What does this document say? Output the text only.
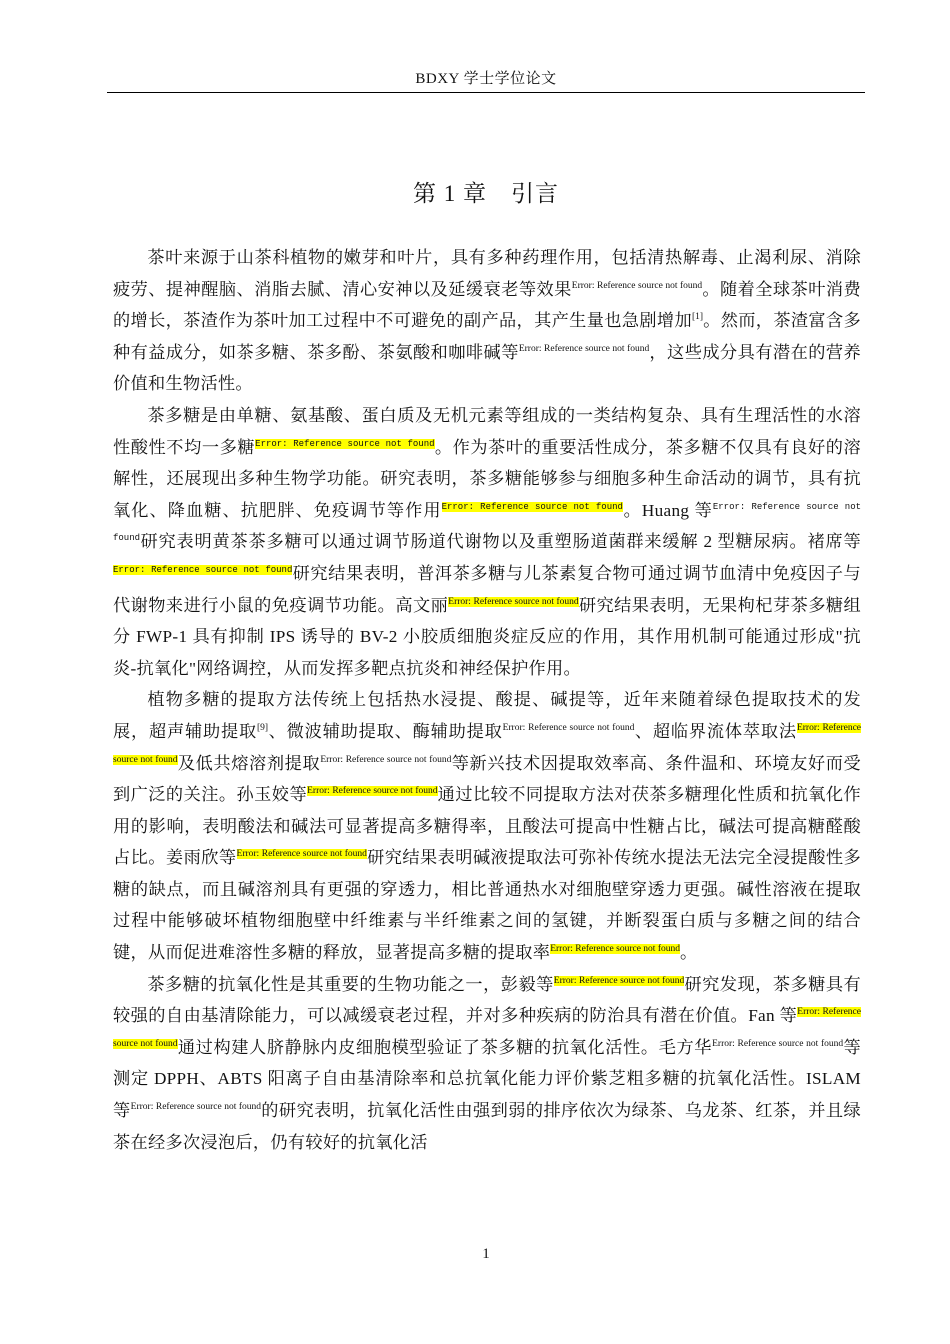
BDXY 学士学位论文
第 1 章　引言

茶叶来源于山茶科植物的嫩芽和叶片，具有多种药理作用，包括清热解毒、止渴利尿、消除疲劳、提神醒脑、消脂去腻、清心安神以及延缓衰老等效果$^{Error: Reference source not found}$。随着全球茶叶消费的增长，茶渣作为茶叶加工过程中不可避免的副产品，其产生量也急剧增加[1]。然而，茶渣富含多种有益成分，如茶多糖、茶多酚、茶氨酸和咖啡碱等$^{Error: Reference source not found}$，这些成分具有潜在的营养价值和生物活性。

茶多糖是由单糖、氨基酸、蛋白质及无机元素等组成的一类结构复杂、具有生理活性的水溶性酸性不均一多糖$^{Error: Reference source not found}$。作为茶叶的重要活性成分，茶多糖不仅具有良好的溶解性，还展现出多种生物学功能。研究表明，茶多糖能够参与细胞多种生命活动的调节，具有抗氧化、降血糖、抗肥胖、免疫调节等作用$^{Error: Reference source not found}$。Huang 等$^{Error: Reference source not found}$研究表明黄茶茶多糖可以通过调节肠道代谢物以及重塑肠道菌群来缓解 2 型糖尿病。褚席等$^{Error: Reference source not found}$研究结果表明，普洱茶多糖与儿茶素复合物可通过调节血清中免疫因子与代谢物来进行小鼠的免疫调节功能。高文丽$^{Error: Reference source not found}$研究结果表明，无果枸杞芽茶多糖组分 FWP-1 具有抑制 IPS 诱导的 BV-2 小胶质细胞炎症反应的作用，其作用机制可能通过形成"抗炎-抗氧化"网络调控，从而发挥多靶点抗炎和神经保护作用。

植物多糖的提取方法传统上包括热水浸提、酸提、碱提等，近年来随着绿色提取技术的发展，超声辅助提取[9]、微波辅助提取、酶辅助提取$^{Error: Reference source not found}$、超临界流体萃取法$^{Error: Reference source not found}$及低共熔溶剂提取$^{Error: Reference source not found}$等新兴技术因提取效率高、条件温和、环境友好而受到广泛的关注。孙玉姣等$^{Error: Reference source not found}$通过比较不同提取方法对茯茶多糖理化性质和抗氧化作用的影响，表明酸法和碱法可显著提高多糖得率，且酸法可提高中性糖占比，碱法可提高糖醛酸占比。姜雨欣等$^{Error: Reference source not found}$研究结果表明碱液提取法可弥补传统水提法无法完全浸提酸性多糖的缺点，而且碱溶剂具有更强的穿透力，相比普通热水对细胞壁穿透力更强。碱性溶液在提取过程中能够破坏植物细胞壁中纤维素与半纤维素之间的氢键，并断裂蛋白质与多糖之间的结合键，从而促进难溶性多糖的释放，显著提高多糖的提取率$^{Error: Reference source not found}$。

茶多糖的抗氧化性是其重要的生物功能之一，彭毅等$^{Error: Reference source not found}$研究发现，茶多糖具有较强的自由基清除能力，可以减缓衰老过程，并对多种疾病的防治具有潜在价值。Fan 等$^{Error: Reference source not found}$通过构建人脐静脉内皮细胞模型验证了茶多糖的抗氧化活性。毛方华$^{Error: Reference source not found}$等测定 DPPH、ABTS 阳离子自由基清除率和总抗氧化能力评价紫芝粗多糖的抗氧化活性。ISLAM 等$^{Error: Reference source not found}$的研究表明，抗氧化活性由强到弱的排序依次为绿茶、乌龙茶、红茶，并且绿茶在经多次浸泡后，仍有较好的抗氧化活

1
